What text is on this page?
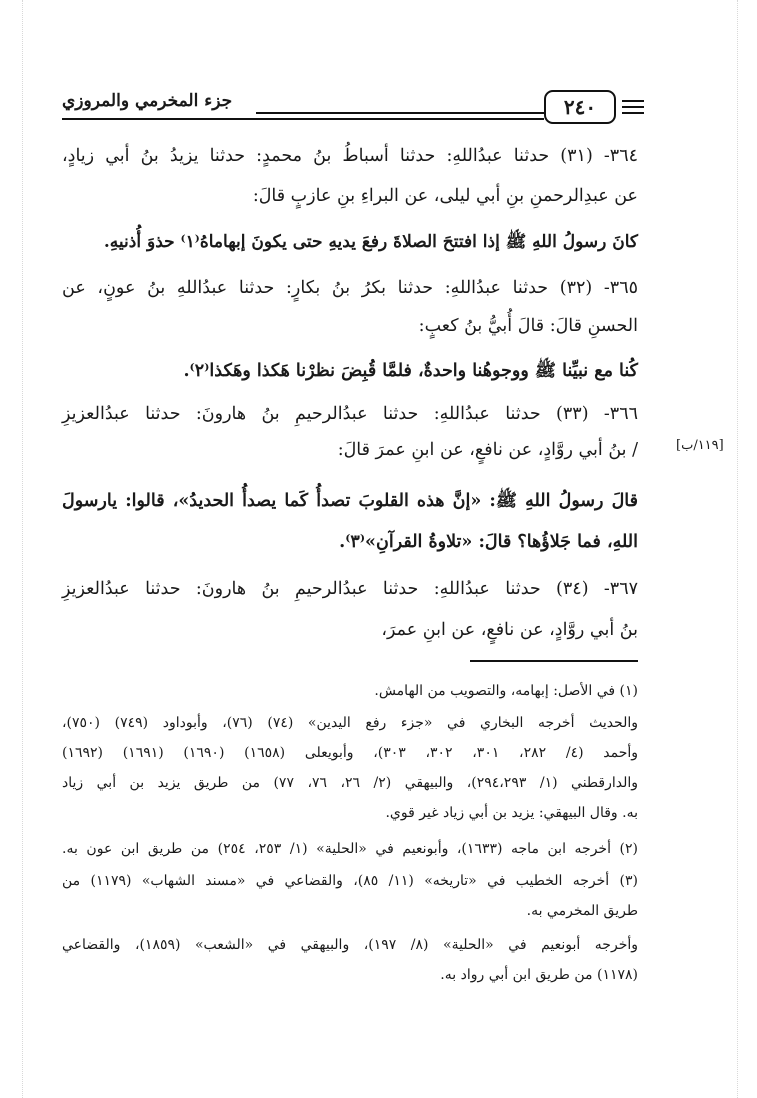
جزء المخرمي والمروزي	٢٤٠
٣٦٤- (٣١) حدثنا عبدُاللهِ: حدثنا أسباطُ بنُ محمدٍ: حدثنا يزيدُ بنُ أبي زيادٍ،
عن عبدِالرحمنِ بنِ أبي ليلى، عن البراءِ بنِ عازبٍ قالَ:
كانَ رسولُ اللهِ ﷺ إذا افتتحَ الصلاةَ رفعَ يديهِ حتى يكونَ إبهاماهُ⁽١⁾ حذوَ أُذنيهِ.
٣٦٥- (٣٢) حدثنا عبدُاللهِ: حدثنا بكرُ بنُ بكارٍ: حدثنا عبدُاللهِ بنُ عونٍ، عن
الحسنِ قالَ: قالَ أُبيُّ بنُ كعبٍ:
كُنا مع نبيِّنا ﷺ ووجوهُنا واحدةٌ، فلمَّا قُبِضَ نظرْنا هَكذا وهَكذا⁽٢⁾.
٣٦٦- (٣٣) حدثنا عبدُاللهِ: حدثنا عبدُالرحيمِ بنُ هارونَ: حدثنا عبدُالعزيزِ
[١١٩/ب]
/ بنُ أبي روَّادٍ، عن نافعٍ، عن ابنِ عمرَ قالَ:
قالَ رسولُ اللهِ ﷺ: «إنَّ هذه القلوبَ تصدأُ كَما يصدأُ الحديدُ»، قالوا: يارسولَ
اللهِ، فما جَلاؤُها؟ قالَ: «تلاوةُ القرآنِ»⁽٣⁾.
٣٦٧- (٣٤) حدثنا عبدُاللهِ: حدثنا عبدُالرحيمِ بنُ هارونَ: حدثنا عبدُالعزيزِ
بنُ أبي روَّادٍ، عن نافعٍ، عن ابنِ عمرَ،
(١) في الأصل: إبهامه، والتصويب من الهامش.
والحديث أخرجه البخاري في «جزء رفع اليدين» (٧٤) (٧٦)، وأبوداود (٧٤٩) (٧٥٠)،
وأحمد (٤/ ٢٨٢، ٣٠١، ٣٠٢، ٣٠٣)، وأبويعلى (١٦٥٨) (١٦٩٠) (١٦٩١) (١٦٩٢)
والدارقطني (١/ ٢٩٤،٢٩٣)، والبيهقي (٢/ ٢٦، ٧٦، ٧٧) من طريق يزيد بن أبي زياد
به. وقال البيهقي: يزيد بن أبي زياد غير قوي.
(٢) أخرجه ابن ماجه (١٦٣٣)، وأبونعيم في «الحلية» (١/ ٢٥٣، ٢٥٤) من طريق ابن عون به.
(٣) أخرجه الخطيب في «تاريخه» (١١/ ٨٥)، والقضاعي في «مسند الشهاب» (١١٧٩) من
طريق المخرمي به.
وأخرجه أبونعيم في «الحلية» (٨/ ١٩٧)، والبيهقي في «الشعب» (١٨٥٩)، والقضاعي
(١١٧٨) من طريق ابن أبي رواد به.
